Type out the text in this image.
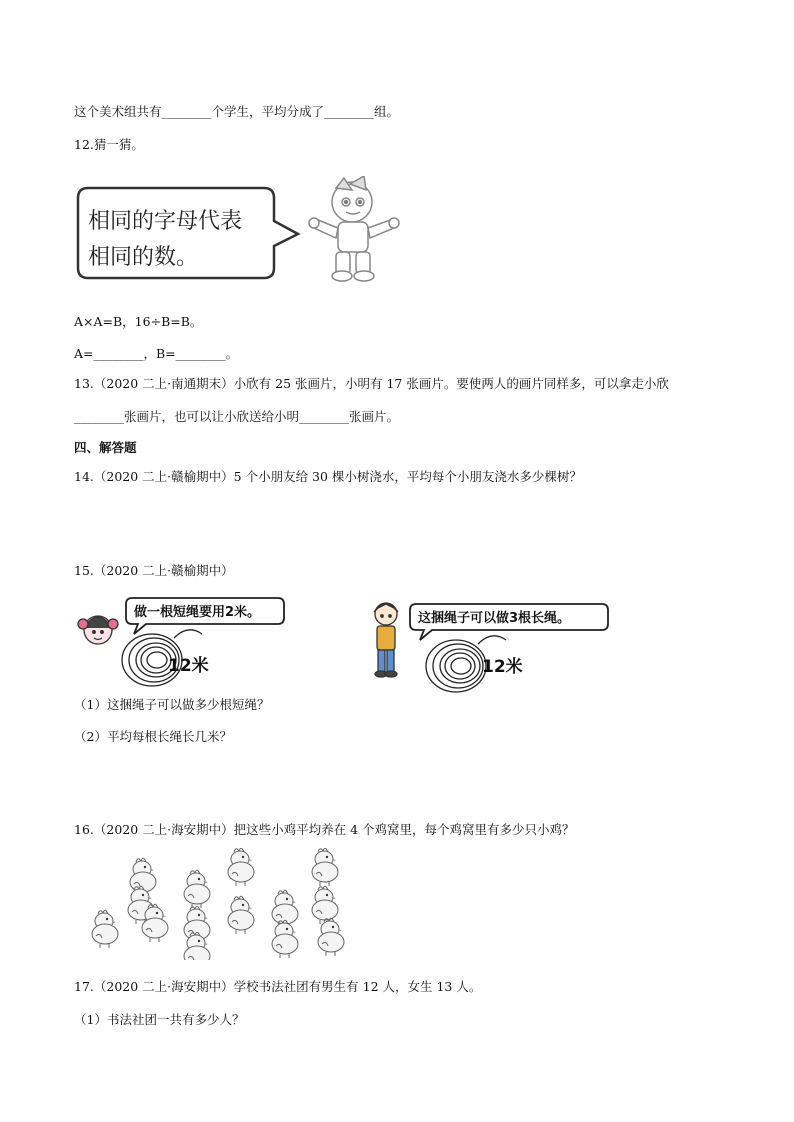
这个美术组共有________个学生，平均分成了________组。
12.猜一猜。
相同的字母代表
相同的数。
A×A=B，16÷B=B。
A=________，B=________。
13.（2020 二上·南通期末）小欣有 25 张画片，小明有 17 张画片。要使两人的画片同样多，可以拿走小欣
________张画片，也可以让小欣送给小明________张画片。
四、解答题
14.（2020 二上·赣榆期中）5 个小朋友给 30 棵小树浇水，平均每个小朋友浇水多少棵树？
15.（2020 二上·赣榆期中）
做一根短绳要用2米。
12米
这捆绳子可以做3根长绳。
12米
（1）这捆绳子可以做多少根短绳？
（2）平均每根长绳长几米？
16.（2020 二上·海安期中）把这些小鸡平均养在 4 个鸡窝里，每个鸡窝里有多少只小鸡？
17.（2020 二上·海安期中）学校书法社团有男生有 12 人，女生 13 人。
（1）书法社团一共有多少人？
